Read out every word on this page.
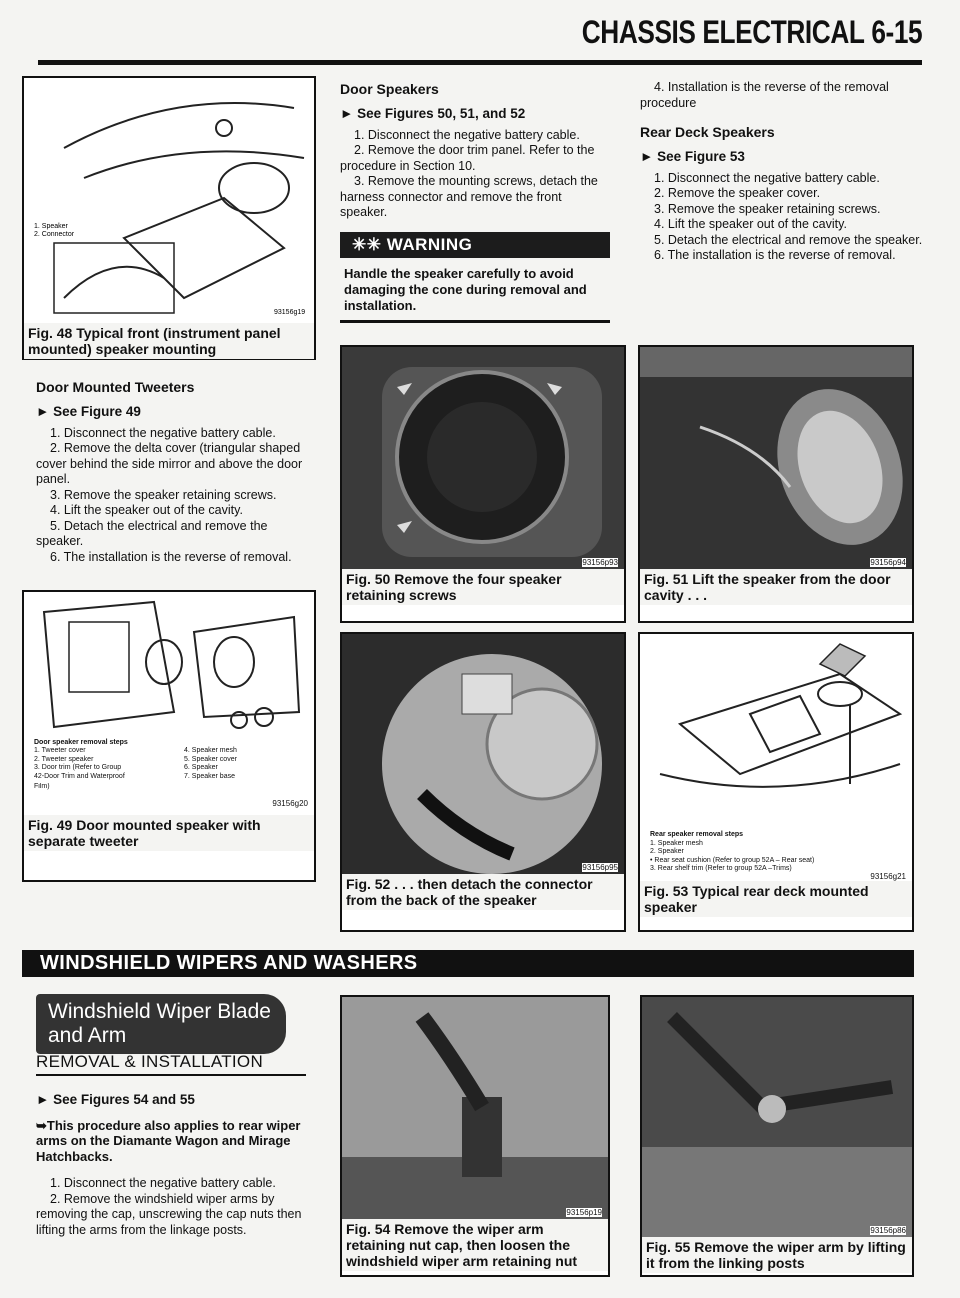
CHASSIS ELECTRICAL 6-15
1. Speaker
2. Connector
93156g19
Fig. 48 Typical front (instrument panel mounted) speaker mounting
Door Mounted Tweeters
► See Figure 49

1. Disconnect the negative battery cable.

2. Remove the delta cover (triangular shaped cover behind the side mirror and above the door panel.

3. Remove the speaker retaining screws.

4. Lift the speaker out of the cavity.

5. Detach the electrical and remove the speaker.

6. The installation is the reverse of removal.

Door speaker removal steps
1. Tweeter cover
2. Tweeter speaker
3. Door trim (Refer to Group
42-Door Trim and Waterproof
4. Speaker mesh
5. Speaker cover
6. Speaker
7. Speaker base
Film)
93156g20
Fig. 49 Door mounted speaker with separate tweeter
Door Speakers
► See Figures 50, 51, and 52

1. Disconnect the negative battery cable.

2. Remove the door trim panel. Refer to the procedure in Section 10.

3. Remove the mounting screws, detach the harness connector and remove the front speaker.

✳✳ WARNING
Handle the speaker carefully to avoid damaging the cone during removal and installation.

4. Installation is the reverse of the removal procedure

Rear Deck Speakers
► See Figure 53

1. Disconnect the negative battery cable.

2. Remove the speaker cover.

3. Remove the speaker retaining screws.

4. Lift the speaker out of the cavity.

5. Detach the electrical and remove the speaker.

6. The installation is the reverse of removal.

93156p93
Fig. 50 Remove the four speaker retaining screws
93156p94
Fig. 51 Lift the speaker from the door cavity . . .
93156p95
Fig. 52 . . . then detach the connector from the back of the speaker
Rear speaker removal steps
1. Speaker mesh
2. Speaker
• Rear seat cushion (Refer to group 52A – Rear seat)
3. Rear shelf trim (Refer to group 52A –Trims)
93156g21
Fig. 53 Typical rear deck mounted speaker
WINDSHIELD WIPERS AND WASHERS
Windshield Wiper Blade and Arm
REMOVAL & INSTALLATION
► See Figures 54 and 55

➥This procedure also applies to rear wiper arms on the Diamante Wagon and Mirage Hatchbacks.

1. Disconnect the negative battery cable.

2. Remove the windshield wiper arms by removing the cap, unscrewing the cap nuts then lifting the arms from the linkage posts.

93156p19
Fig. 54 Remove the wiper arm retaining nut cap, then loosen the windshield wiper arm retaining nut
93156p86
Fig. 55 Remove the wiper arm by lifting it from the linking posts
